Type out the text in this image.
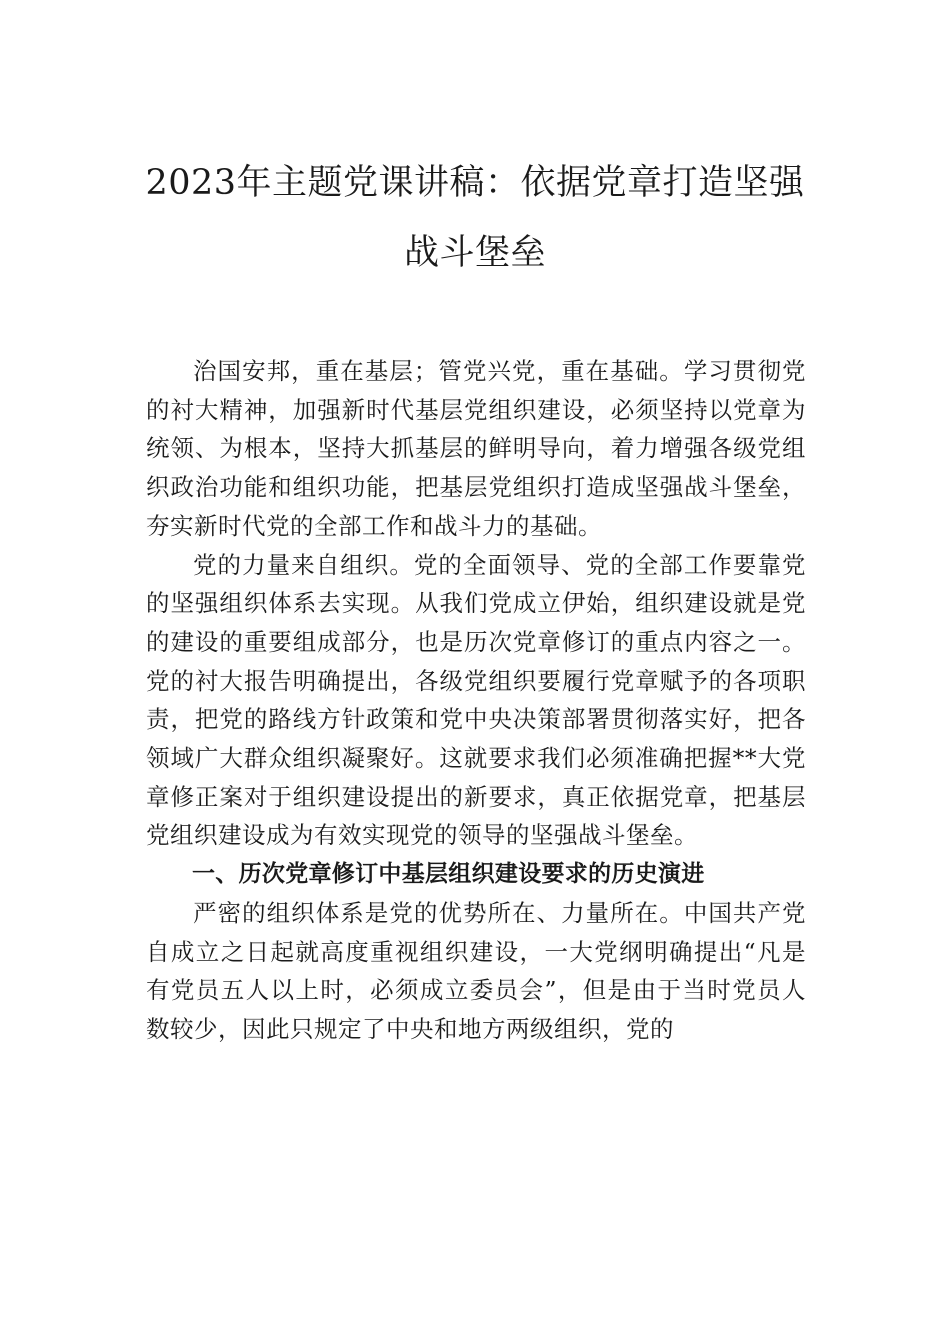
2023年主题党课讲稿：依据党章打造坚强
战斗堡垒

治国安邦，重在基层；管党兴党，重在基础。学习贯彻党的衬大精神，加强新时代基层党组织建设，必须坚持以党章为统领、为根本，坚持大抓基层的鲜明导向，着力增强各级党组织政治功能和组织功能，把基层党组织打造成坚强战斗堡垒，夯实新时代党的全部工作和战斗力的基础。

党的力量来自组织。党的全面领导、党的全部工作要靠党的坚强组织体系去实现。从我们党成立伊始，组织建设就是党的建设的重要组成部分，也是历次党章修订的重点内容之一。党的衬大报告明确提出，各级党组织要履行党章赋予的各项职责，把党的路线方针政策和党中央决策部署贯彻落实好，把各领域广大群众组织凝聚好。这就要求我们必须准确把握**大党章修正案对于组织建设提出的新要求，真正依据党章，把基层党组织建设成为有效实现党的领导的坚强战斗堡垒。

一、历次党章修订中基层组织建设要求的历史演进

严密的组织体系是党的优势所在、力量所在。中国共产党自成立之日起就高度重视组织建设，一大党纲明确提出“凡是有党员五人以上时，必须成立委员会”，但是由于当时党员人数较少，因此只规定了中央和地方两级组织，党的
